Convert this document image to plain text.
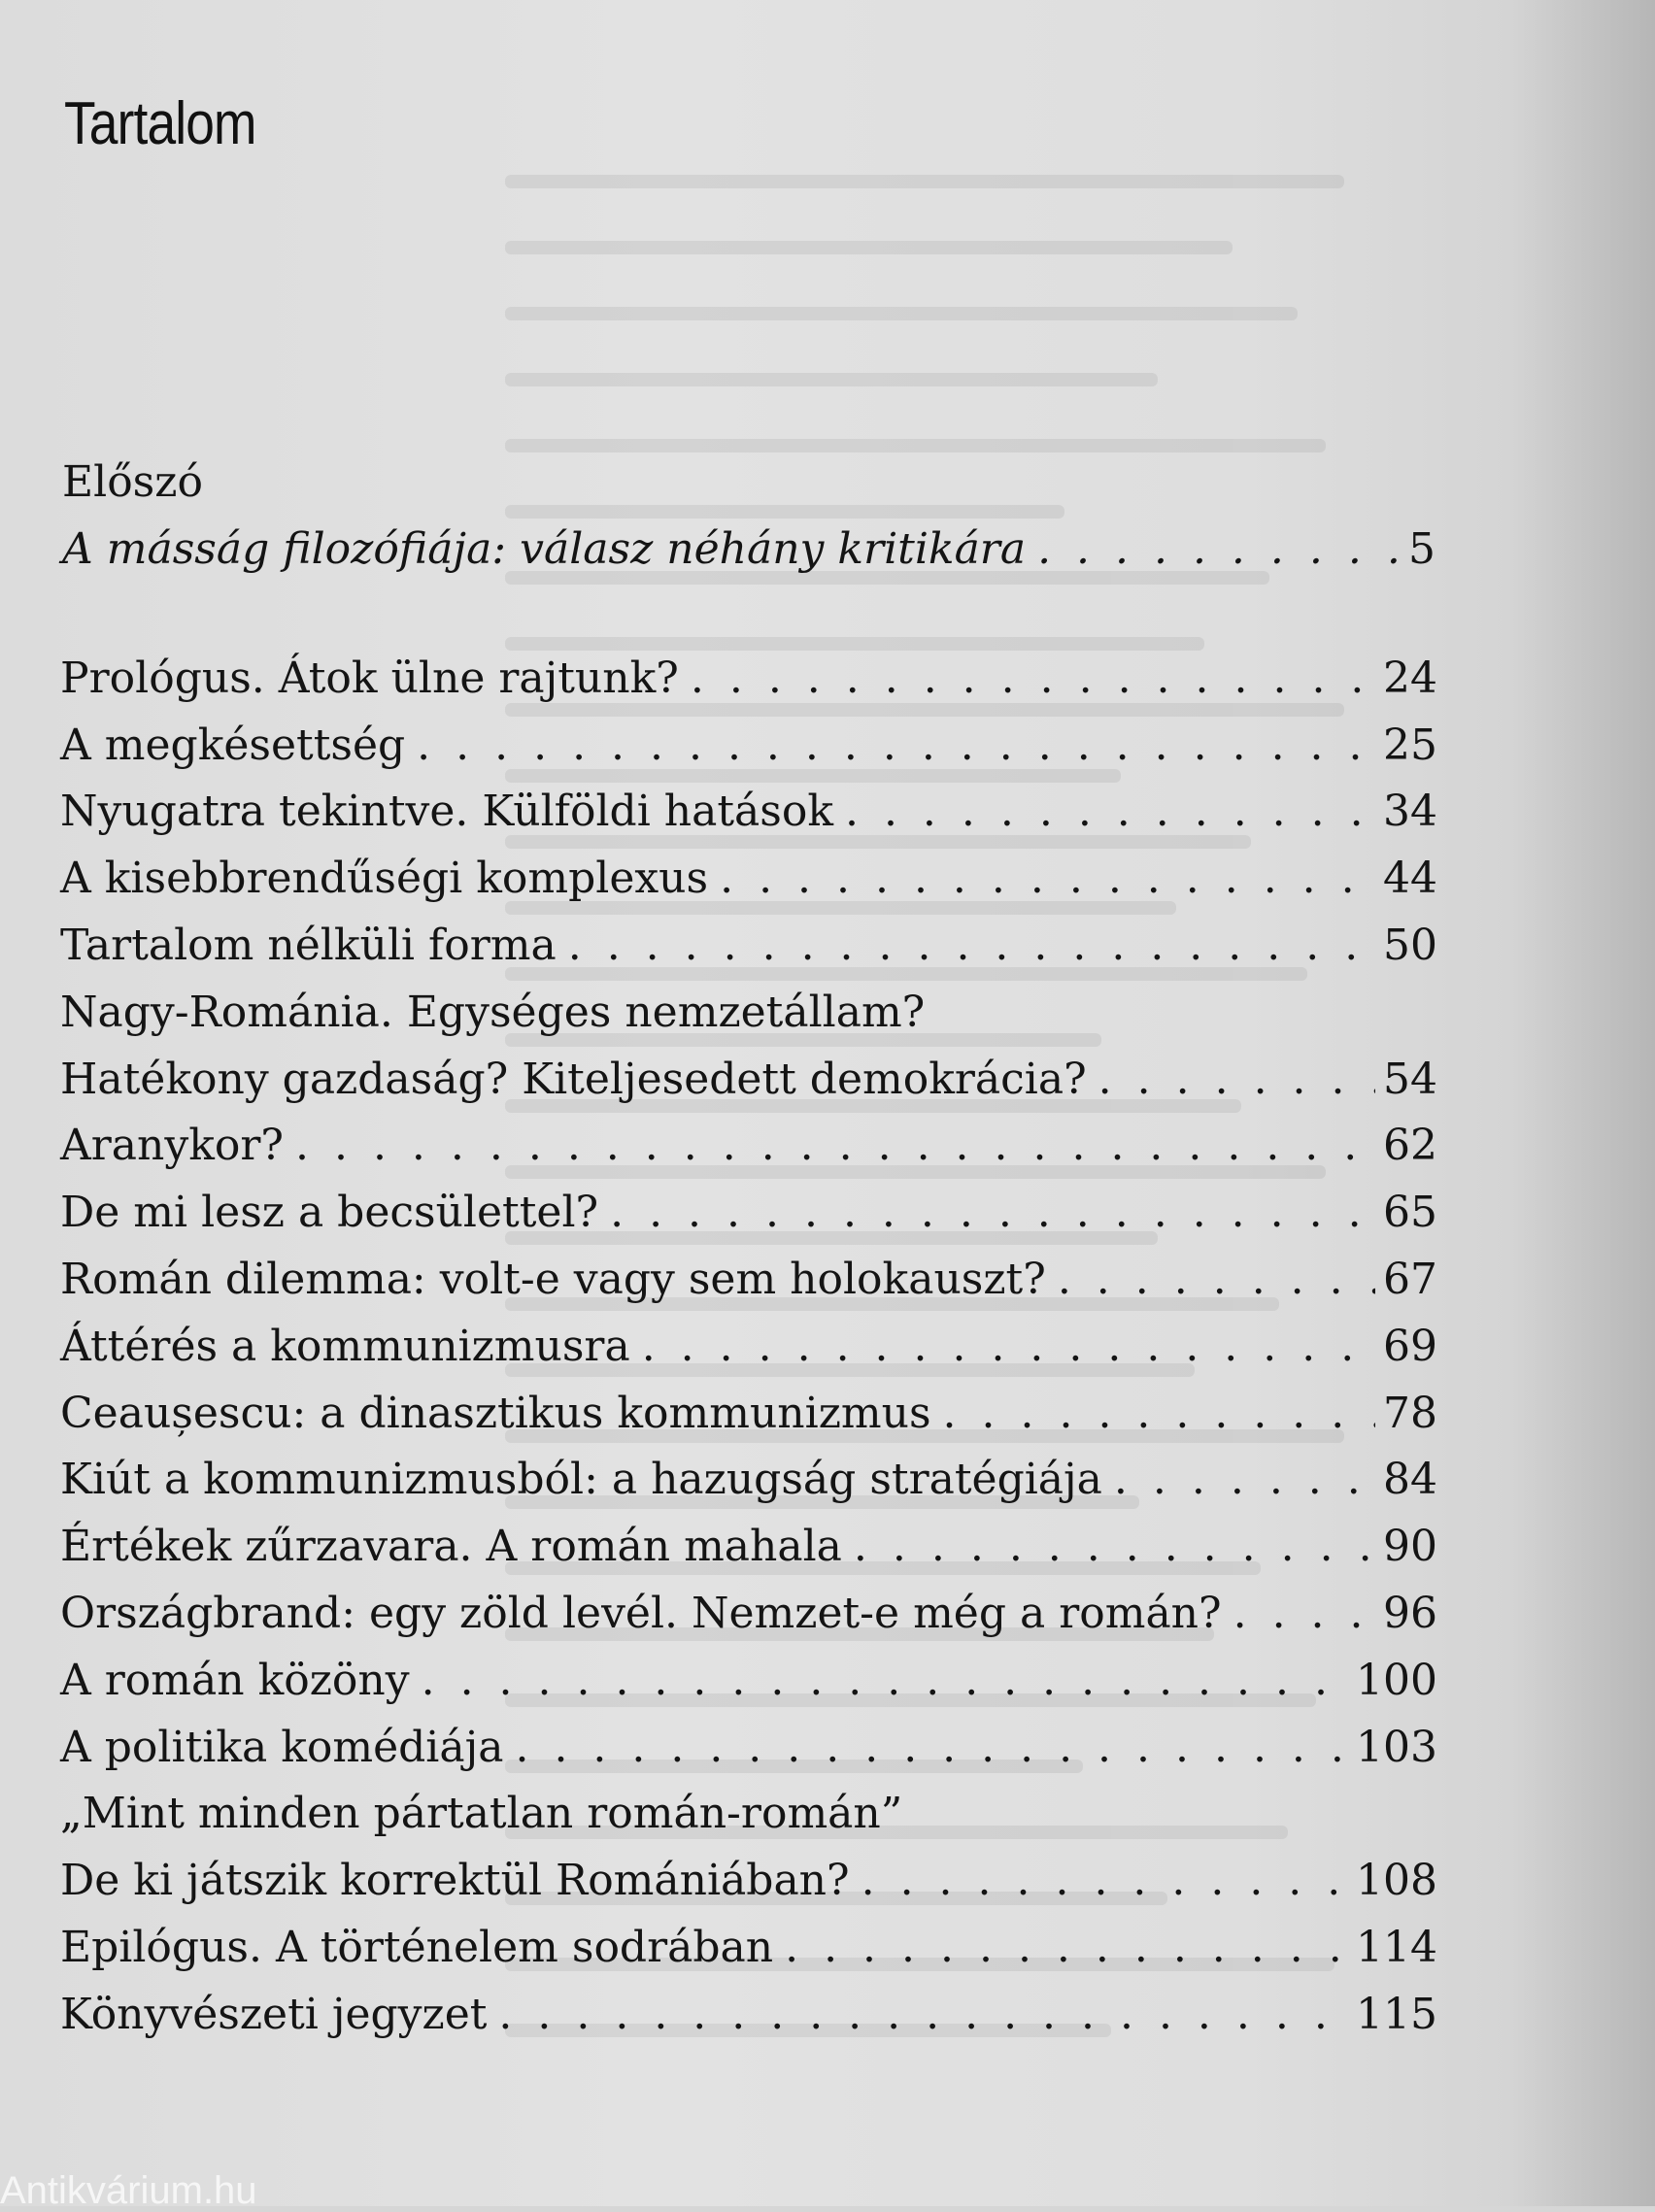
Tartalom
Előszó
A másság filozófiája: válasz néhány kritikára . . .	5
Prológus. Átok ülne rajtunk? . . .	24
A megkésettség . . .	25
Nyugatra tekintve. Külföldi hatások . . .	34
A kisebbrendűségi komplexus . . .	44
Tartalom nélküli forma . . .	50
Nagy-Románia. Egységes nemzetállam?
Hatékony gazdaság? Kiteljesedett demokrácia? . . .	54
Aranykor? . . .	62
De mi lesz a becsülettel? . . .	65
Román dilemma: volt-e vagy sem holokauszt? . . .	67
Áttérés a kommunizmusra . . .	69
Ceaușescu: a dinasztikus kommunizmus . . .	78
Kiút a kommunizmusból: a hazugság stratégiája . . .	84
Értékek zűrzavara. A román mahala . . .	90
Országbrand: egy zöld levél. Nemzet-e még a román? . . .	96
A román közöny . . .	100
A politika komédiája . . .	103
„Mint minden pártatlan román-román”
De ki játszik korrektül Romániában? . . .	108
Epilógus. A történelem sodrában . . .	114
Könyvészeti jegyzet . . .	115
Antikvárium.hu
